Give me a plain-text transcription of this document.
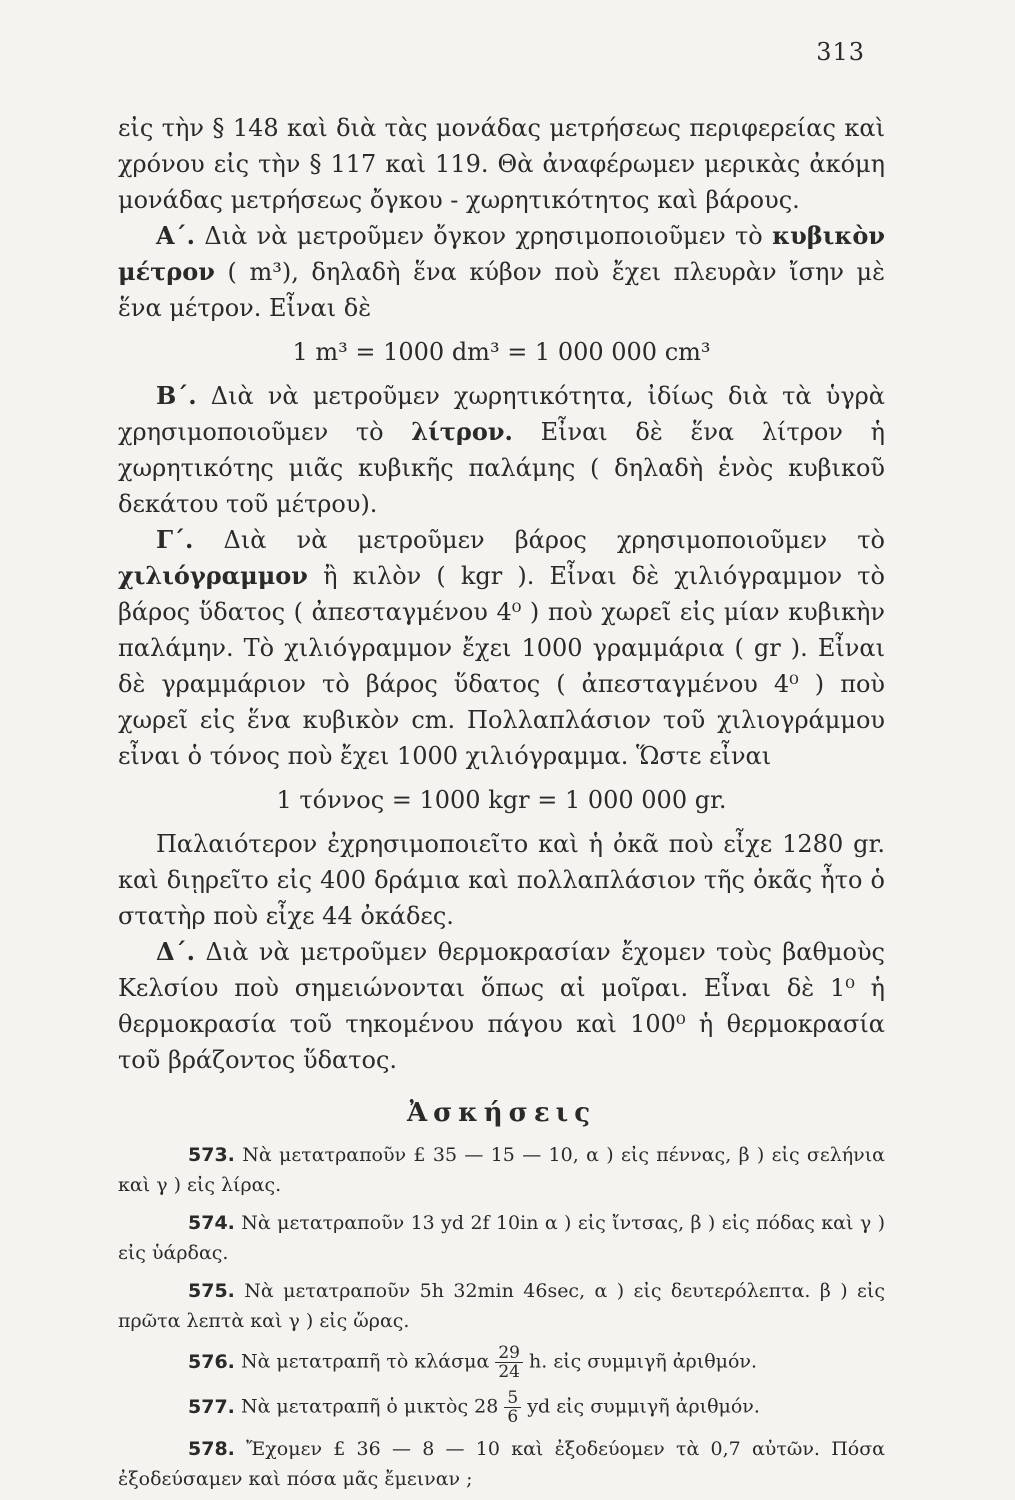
313

εἰς τὴν § 148 καὶ διὰ τὰς μονάδας μετρήσεως περιφερείας καὶ χρόνου εἰς τὴν § 117 καὶ 119. Θὰ ἀναφέρωμεν μερικὰς ἀκόμη μονάδας μετρήσεως ὄγκου - χωρητικότητος καὶ βάρους.

Α΄. Διὰ νὰ μετροῦμεν ὄγκον χρησιμοποιοῦμεν τὸ κυβικὸν μέτρον ( m³), δηλαδὴ ἕνα κύβον ποὺ ἔχει πλευρὰν ἴσην μὲ ἕνα μέτρον. Εἶναι δὲ

1 m³ = 1000 dm³ = 1 000 000 cm³

Β΄. Διὰ νὰ μετροῦμεν χωρητικότητα, ἰδίως διὰ τὰ ὑγρὰ χρησιμοποιοῦμεν τὸ λίτρον. Εἶναι δὲ ἕνα λίτρον ἡ χωρητικότης μιᾶς κυβικῆς παλάμης ( δηλαδὴ ἑνὸς κυβικοῦ δεκάτου τοῦ μέτρου).

Γ΄. Διὰ νὰ μετροῦμεν βάρος χρησιμοποιοῦμεν τὸ χιλιόγραμμον ἢ κιλὸν ( kgr ). Εἶναι δὲ χιλιόγραμμον τὸ βάρος ὕδατος ( ἀπεσταγμένου 4⁰ ) ποὺ χωρεῖ εἰς μίαν κυβικὴν παλάμην. Τὸ χιλιόγραμμον ἔχει 1000 γραμμάρια ( gr ). Εἶναι δὲ γραμμάριον τὸ βάρος ὕδατος ( ἀπεσταγμένου 4⁰ ) ποὺ χωρεῖ εἰς ἕνα κυβικὸν cm. Πολλαπλάσιον τοῦ χιλιογράμμου εἶναι ὁ τόνος ποὺ ἔχει 1000 χιλιόγραμμα. Ὥστε εἶναι

1 τόννος = 1000 kgr = 1 000 000 gr.

Παλαιότερον ἐχρησιμοποιεῖτο καὶ ἡ ὀκᾶ ποὺ εἶχε 1280 gr. καὶ διῃρεῖτο εἰς 400 δράμια καὶ πολλαπλάσιον τῆς ὀκᾶς ἦτο ὁ στατὴρ ποὺ εἶχε 44 ὀκάδες.

Δ΄. Διὰ νὰ μετροῦμεν θερμοκρασίαν ἔχομεν τοὺς βαθμοὺς Κελσίου ποὺ σημειώνονται ὅπως αἱ μοῖραι. Εἶναι δὲ 1⁰ ἡ θερμοκρασία τοῦ τηκομένου πάγου καὶ 100⁰ ἡ θερμοκρασία τοῦ βράζοντος ὕδατος.

Ἀσκήσεις

573. Νὰ μετατραποῦν £ 35 — 15 — 10, α ) εἰς πέννας, β ) εἰς σελήνια καὶ γ ) εἰς λίρας.

574. Νὰ μετατραποῦν 13 yd 2f 10in α ) εἰς ἴντσας, β ) εἰς πόδας καὶ γ ) εἰς ὑάρδας.

575. Νὰ μετατραποῦν 5h 32min 46sec, α ) εἰς δευτερόλεπτα. β ) εἰς πρῶτα λεπτὰ καὶ γ ) εἰς ὥρας.

576. Νὰ μετατραπῆ τὸ κλάσμα $\frac{29}{24} h$. εἰς συμμιγῆ ἀριθμόν.

577. Νὰ μετατραπῆ ὁ μικτὸς $28 \frac{5}{6}$ yd εἰς συμμιγῆ ἀριθμόν.

578. Ἔχομεν £ 36 — 8 — 10 καὶ ἐξοδεύομεν τὰ 0,7 αὐτῶν. Πόσα ἐξοδεύσαμεν καὶ πόσα μᾶς ἔμειναν ;
